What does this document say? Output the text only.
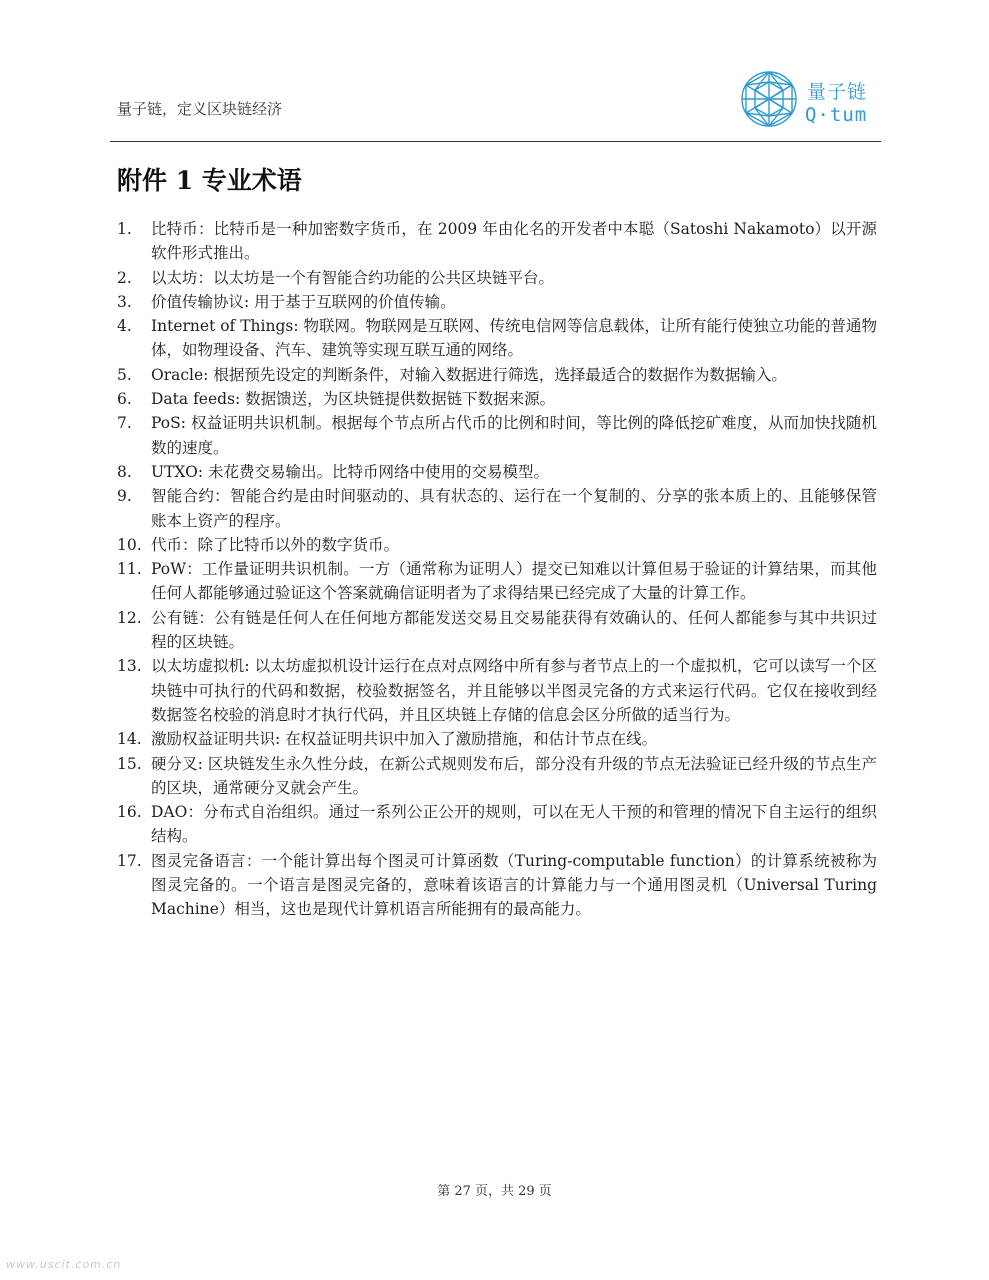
量子链，定义区块链经济
量子链
Q·tum
附件 1 专业术语
1. 比特币：比特币是一种加密数字货币，在 2009 年由化名的开发者中本聪（Satoshi Nakamoto）以开源软件形式推出。
2. 以太坊：以太坊是一个有智能合约功能的公共区块链平台。
3. 价值传输协议: 用于基于互联网的价值传输。
4. Internet of Things: 物联网。物联网是互联网、传统电信网等信息载体，让所有能行使独立功能的普通物体，如物理设备、汽车、建筑等实现互联互通的网络。
5. Oracle: 根据预先设定的判断条件，对输入数据进行筛选，选择最适合的数据作为数据输入。
6. Data feeds: 数据馈送，为区块链提供数据链下数据来源。
7. PoS: 权益证明共识机制。根据每个节点所占代币的比例和时间，等比例的降低挖矿难度，从而加快找随机数的速度。
8. UTXO: 未花费交易输出。比特币网络中使用的交易模型。
9. 智能合约：智能合约是由时间驱动的、具有状态的、运行在一个复制的、分享的张本质上的、且能够保管账本上资产的程序。
10. 代币：除了比特币以外的数字货币。
11. PoW：工作量证明共识机制。一方（通常称为证明人）提交已知难以计算但易于验证的计算结果，而其他任何人都能够通过验证这个答案就确信证明者为了求得结果已经完成了大量的计算工作。
12. 公有链：公有链是任何人在任何地方都能发送交易且交易能获得有效确认的、任何人都能参与其中共识过程的区块链。
13. 以太坊虚拟机: 以太坊虚拟机设计运行在点对点网络中所有参与者节点上的一个虚拟机，它可以读写一个区块链中可执行的代码和数据，校验数据签名，并且能够以半图灵完备的方式来运行代码。它仅在接收到经数据签名校验的消息时才执行代码，并且区块链上存储的信息会区分所做的适当行为。
14. 激励权益证明共识: 在权益证明共识中加入了激励措施，和估计节点在线。
15. 硬分叉: 区块链发生永久性分歧，在新公式规则发布后，部分没有升级的节点无法验证已经升级的节点生产的区块，通常硬分叉就会产生。
16. DAO：分布式自治组织。通过一系列公正公开的规则，可以在无人干预的和管理的情况下自主运行的组织结构。
17. 图灵完备语言：一个能计算出每个图灵可计算函数（Turing-computable function）的计算系统被称为图灵完备的。一个语言是图灵完备的，意味着该语言的计算能力与一个通用图灵机（Universal Turing Machine）相当，这也是现代计算机语言所能拥有的最高能力。
第 27 页，共 29 页
www.uscit.com.cn
